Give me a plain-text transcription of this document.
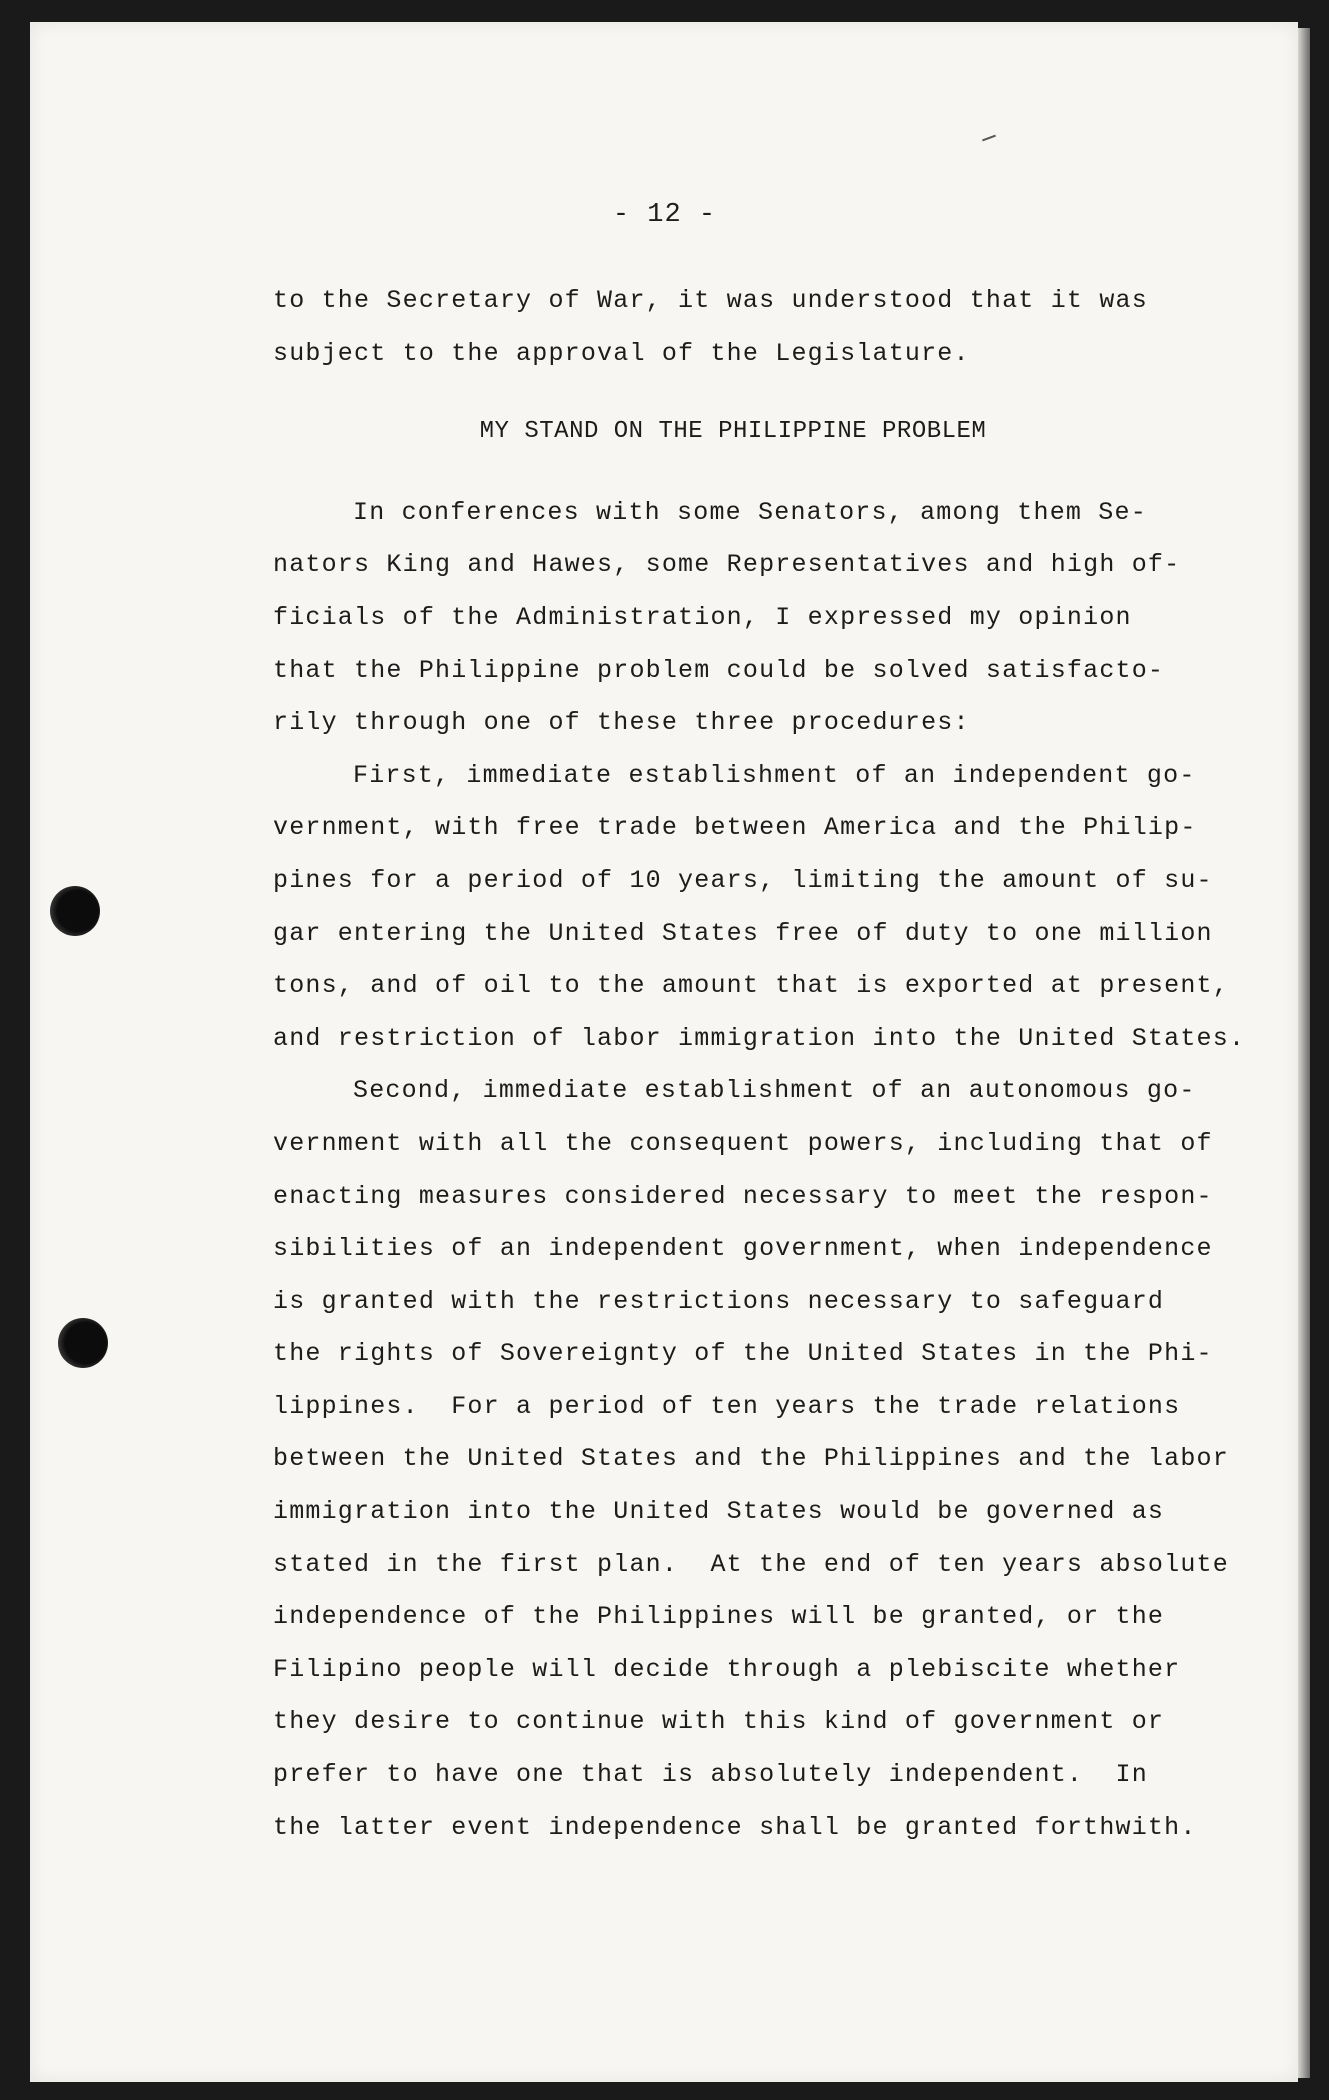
- 12 -
to the Secretary of War, it was understood that it was
subject to the approval of the Legislature.
MY STAND ON THE PHILIPPINE PROBLEM
In conferences with some Senators, among them Se-
nators King and Hawes, some Representatives and high of-
ficials of the Administration, I expressed my opinion
that the Philippine problem could be solved satisfacto-
rily through one of these three procedures:
First, immediate establishment of an independent go-
vernment, with free trade between America and the Philip-
pines for a period of 10 years, limiting the amount of su-
gar entering the United States free of duty to one million
tons, and of oil to the amount that is exported at present,
and restriction of labor immigration into the United States.
Second, immediate establishment of an autonomous go-
vernment with all the consequent powers, including that of
enacting measures considered necessary to meet the respon-
sibilities of an independent government, when independence
is granted with the restrictions necessary to safeguard
the rights of Sovereignty of the United States in the Phi-
lippines.  For a period of ten years the trade relations
between the United States and the Philippines and the labor
immigration into the United States would be governed as
stated in the first plan.  At the end of ten years absolute
independence of the Philippines will be granted, or the
Filipino people will decide through a plebiscite whether
they desire to continue with this kind of government or
prefer to have one that is absolutely independent.  In
the latter event independence shall be granted forthwith.
